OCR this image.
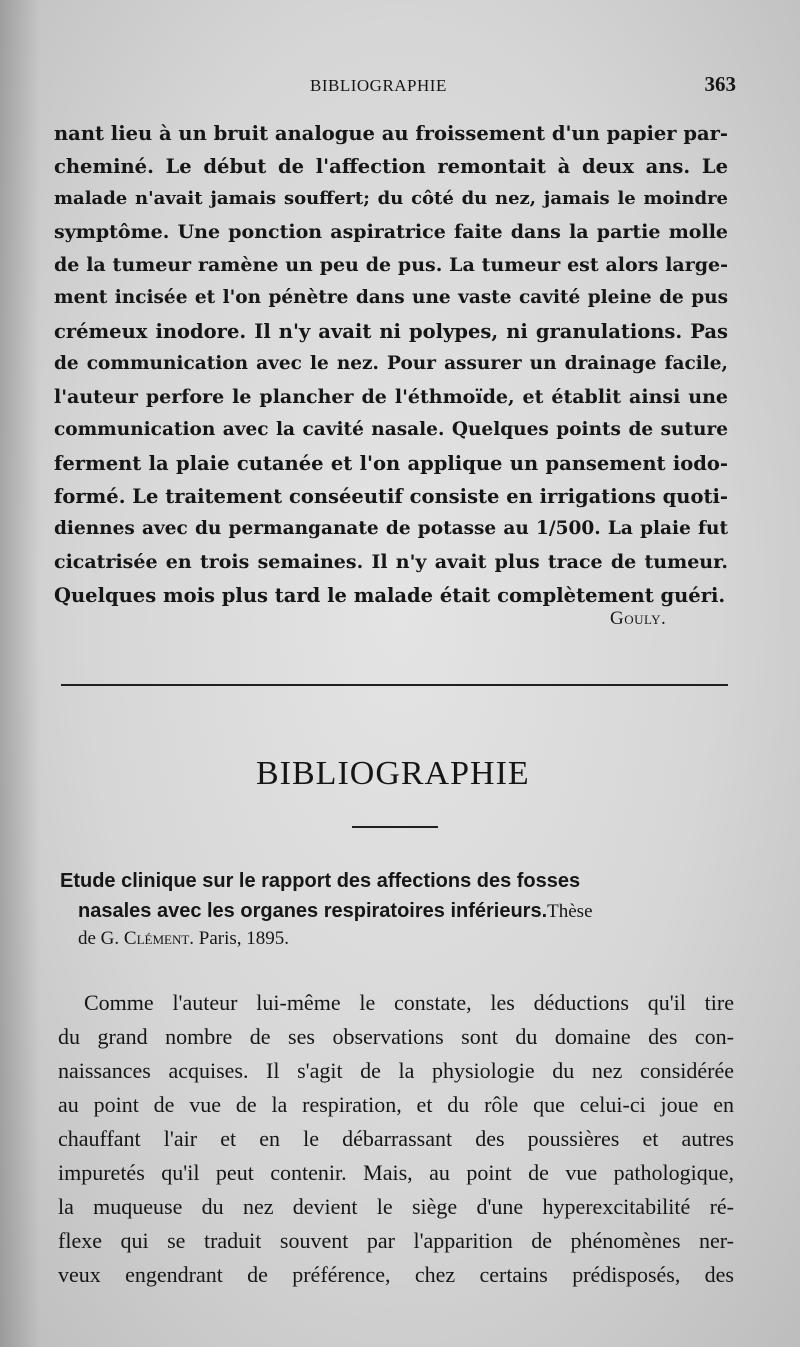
BIBLIOGRAPHIE	363
nant lieu à un bruit analogue au froissement d'un papier par-
cheminé. Le début de l'affection remontait à deux ans. Le
malade n'avait jamais souffert; du côté du nez, jamais le moindre
symptôme. Une ponction aspiratrice faite dans la partie molle
de la tumeur ramène un peu de pus. La tumeur est alors large-
ment incisée et l'on pénètre dans une vaste cavité pleine de pus
crémeux inodore. Il n'y avait ni polypes, ni granulations. Pas
de communication avec le nez. Pour assurer un drainage facile,
l'auteur perfore le plancher de l'éthmoïde, et établit ainsi une
communication avec la cavité nasale. Quelques points de suture
ferment la plaie cutanée et l'on applique un pansement iodo-
formé. Le traitement conséeutif consiste en irrigations quoti-
diennes avec du permanganate de potasse au 1/500. La plaie fut
cicatrisée en trois semaines. Il n'y avait plus trace de tumeur.
Quelques mois plus tard le malade était complètement guéri.
Gouly.
BIBLIOGRAPHIE
Etude clinique sur le rapport des affections des fosses
nasales avec les organes respiratoires inférieurs.Thèse
de G. Clément. Paris, 1895.
Comme l'auteur lui-même le constate, les déductions qu'il tire
du grand nombre de ses observations sont du domaine des con-
naissances acquises. Il s'agit de la physiologie du nez considérée
au point de vue de la respiration, et du rôle que celui-ci joue en
chauffant l'air et en le débarrassant des poussières et autres
impuretés qu'il peut contenir. Mais, au point de vue pathologique,
la muqueuse du nez devient le siège d'une hyperexcitabilité ré-
flexe qui se traduit souvent par l'apparition de phénomènes ner-
veux engendrant de préférence, chez certains prédisposés, des
